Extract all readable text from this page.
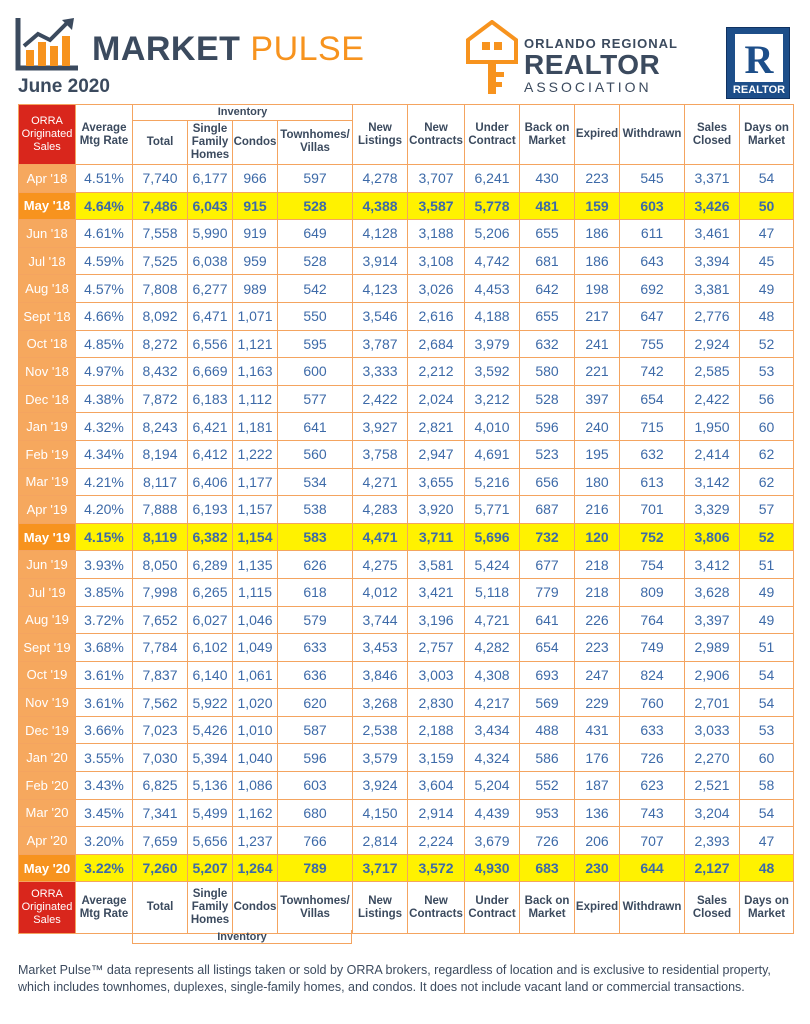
MARKET PULSE
June 2020
ORLANDO REGIONAL
REALTOR
ASSOCIATION
R
REALTOR
ORRA Originated Sales	Average Mtg Rate	Inventory				New Listings	New Contracts	Under Contract	Back on Market	Expired	Withdrawn	Sales Closed	Days on Market
		Total	Single Family Homes	Condos	Townhomes/ Villas								
Apr '18	4.51%	7,740	6,177	966	597	4,278	3,707	6,241	430	223	545	3,371	54
May '18	4.64%	7,486	6,043	915	528	4,388	3,587	5,778	481	159	603	3,426	50
Jun '18	4.61%	7,558	5,990	919	649	4,128	3,188	5,206	655	186	611	3,461	47
Jul '18	4.59%	7,525	6,038	959	528	3,914	3,108	4,742	681	186	643	3,394	45
Aug '18	4.57%	7,808	6,277	989	542	4,123	3,026	4,453	642	198	692	3,381	49
Sept '18	4.66%	8,092	6,471	1,071	550	3,546	2,616	4,188	655	217	647	2,776	48
Oct '18	4.85%	8,272	6,556	1,121	595	3,787	2,684	3,979	632	241	755	2,924	52
Nov '18	4.97%	8,432	6,669	1,163	600	3,333	2,212	3,592	580	221	742	2,585	53
Dec '18	4.38%	7,872	6,183	1,112	577	2,422	2,024	3,212	528	397	654	2,422	56
Jan '19	4.32%	8,243	6,421	1,181	641	3,927	2,821	4,010	596	240	715	1,950	60
Feb '19	4.34%	8,194	6,412	1,222	560	3,758	2,947	4,691	523	195	632	2,414	62
Mar '19	4.21%	8,117	6,406	1,177	534	4,271	3,655	5,216	656	180	613	3,142	62
Apr '19	4.20%	7,888	6,193	1,157	538	4,283	3,920	5,771	687	216	701	3,329	57
May '19	4.15%	8,119	6,382	1,154	583	4,471	3,711	5,696	732	120	752	3,806	52
Jun '19	3.93%	8,050	6,289	1,135	626	4,275	3,581	5,424	677	218	754	3,412	51
Jul '19	3.85%	7,998	6,265	1,115	618	4,012	3,421	5,118	779	218	809	3,628	49
Aug '19	3.72%	7,652	6,027	1,046	579	3,744	3,196	4,721	641	226	764	3,397	49
Sept '19	3.68%	7,784	6,102	1,049	633	3,453	2,757	4,282	654	223	749	2,989	51
Oct '19	3.61%	7,837	6,140	1,061	636	3,846	3,003	4,308	693	247	824	2,906	54
Nov '19	3.61%	7,562	5,922	1,020	620	3,268	2,830	4,217	569	229	760	2,701	54
Dec '19	3.66%	7,023	5,426	1,010	587	2,538	2,188	3,434	488	431	633	3,033	53
Jan '20	3.55%	7,030	5,394	1,040	596	3,579	3,159	4,324	586	176	726	2,270	60
Feb '20	3.43%	6,825	5,136	1,086	603	3,924	3,604	5,204	552	187	623	2,521	58
Mar '20	3.45%	7,341	5,499	1,162	680	4,150	2,914	4,439	953	136	743	3,204	54
Apr '20	3.20%	7,659	5,656	1,237	766	2,814	2,224	3,679	726	206	707	2,393	47
May '20	3.22%	7,260	5,207	1,264	789	3,717	3,572	4,930	683	230	644	2,127	48
ORRA Originated Sales	Average Mtg Rate	Total	Single Family Homes	Condos	Townhomes/ Villas	New Listings	New Contracts	Under Contract	Back on Market	Expired	Withdrawn	Sales Closed	Days on Market
Inventory
Market Pulse™ data represents all listings taken or sold by ORRA brokers, regardless of location and is exclusive to residential property, which includes townhomes, duplexes, single-family homes, and condos. It does not include vacant land or commercial transactions.
